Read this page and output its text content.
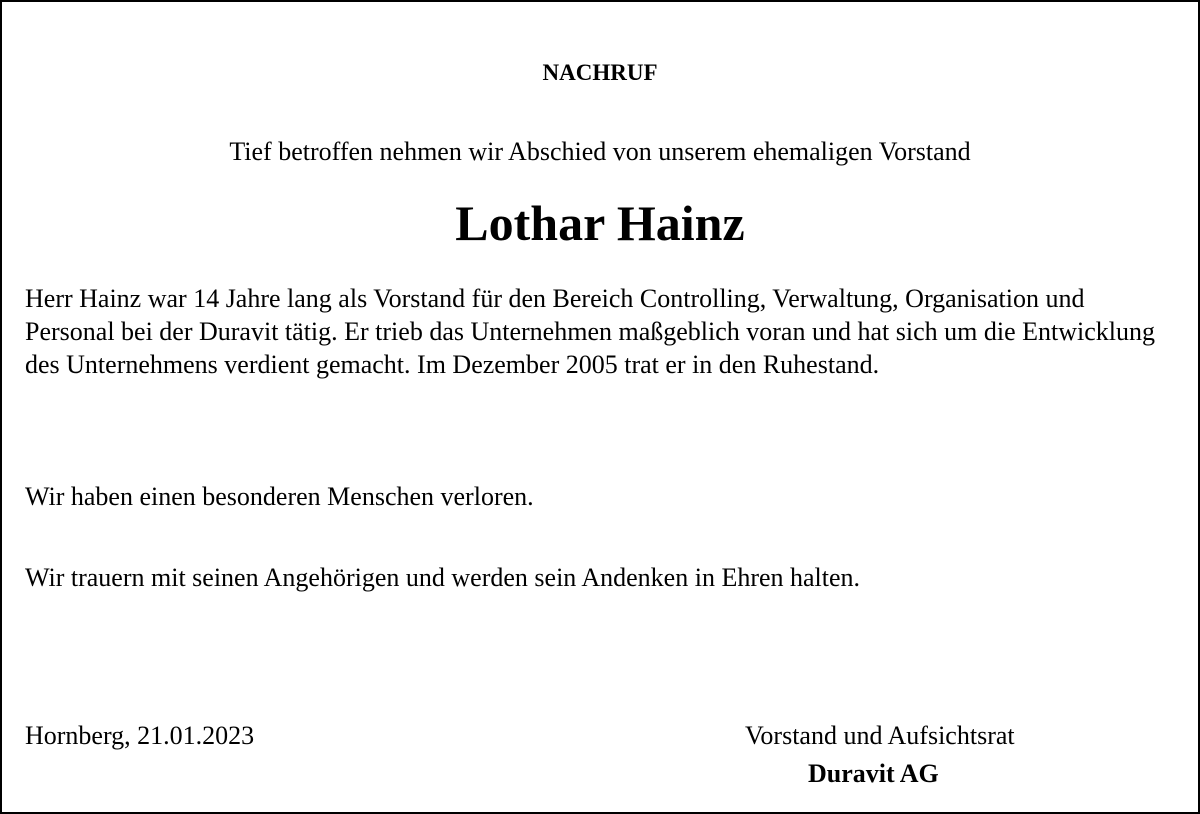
NACHRUF
Tief betroffen nehmen wir Abschied von unserem ehemaligen Vorstand
Lothar Hainz
Herr Hainz war 14 Jahre lang als Vorstand für den Bereich Controlling, Verwaltung, Organisation und Personal bei der Duravit tätig. Er trieb das Unternehmen maßgeblich voran und hat sich um die Entwicklung des Unternehmens verdient gemacht. Im Dezember 2005 trat er in den Ruhestand.
Wir haben einen besonderen Menschen verloren.
Wir trauern mit seinen Angehörigen und werden sein Andenken in Ehren halten.
Hornberg, 21.01.2023	Vorstand und Aufsichtsrat
Duravit AG
